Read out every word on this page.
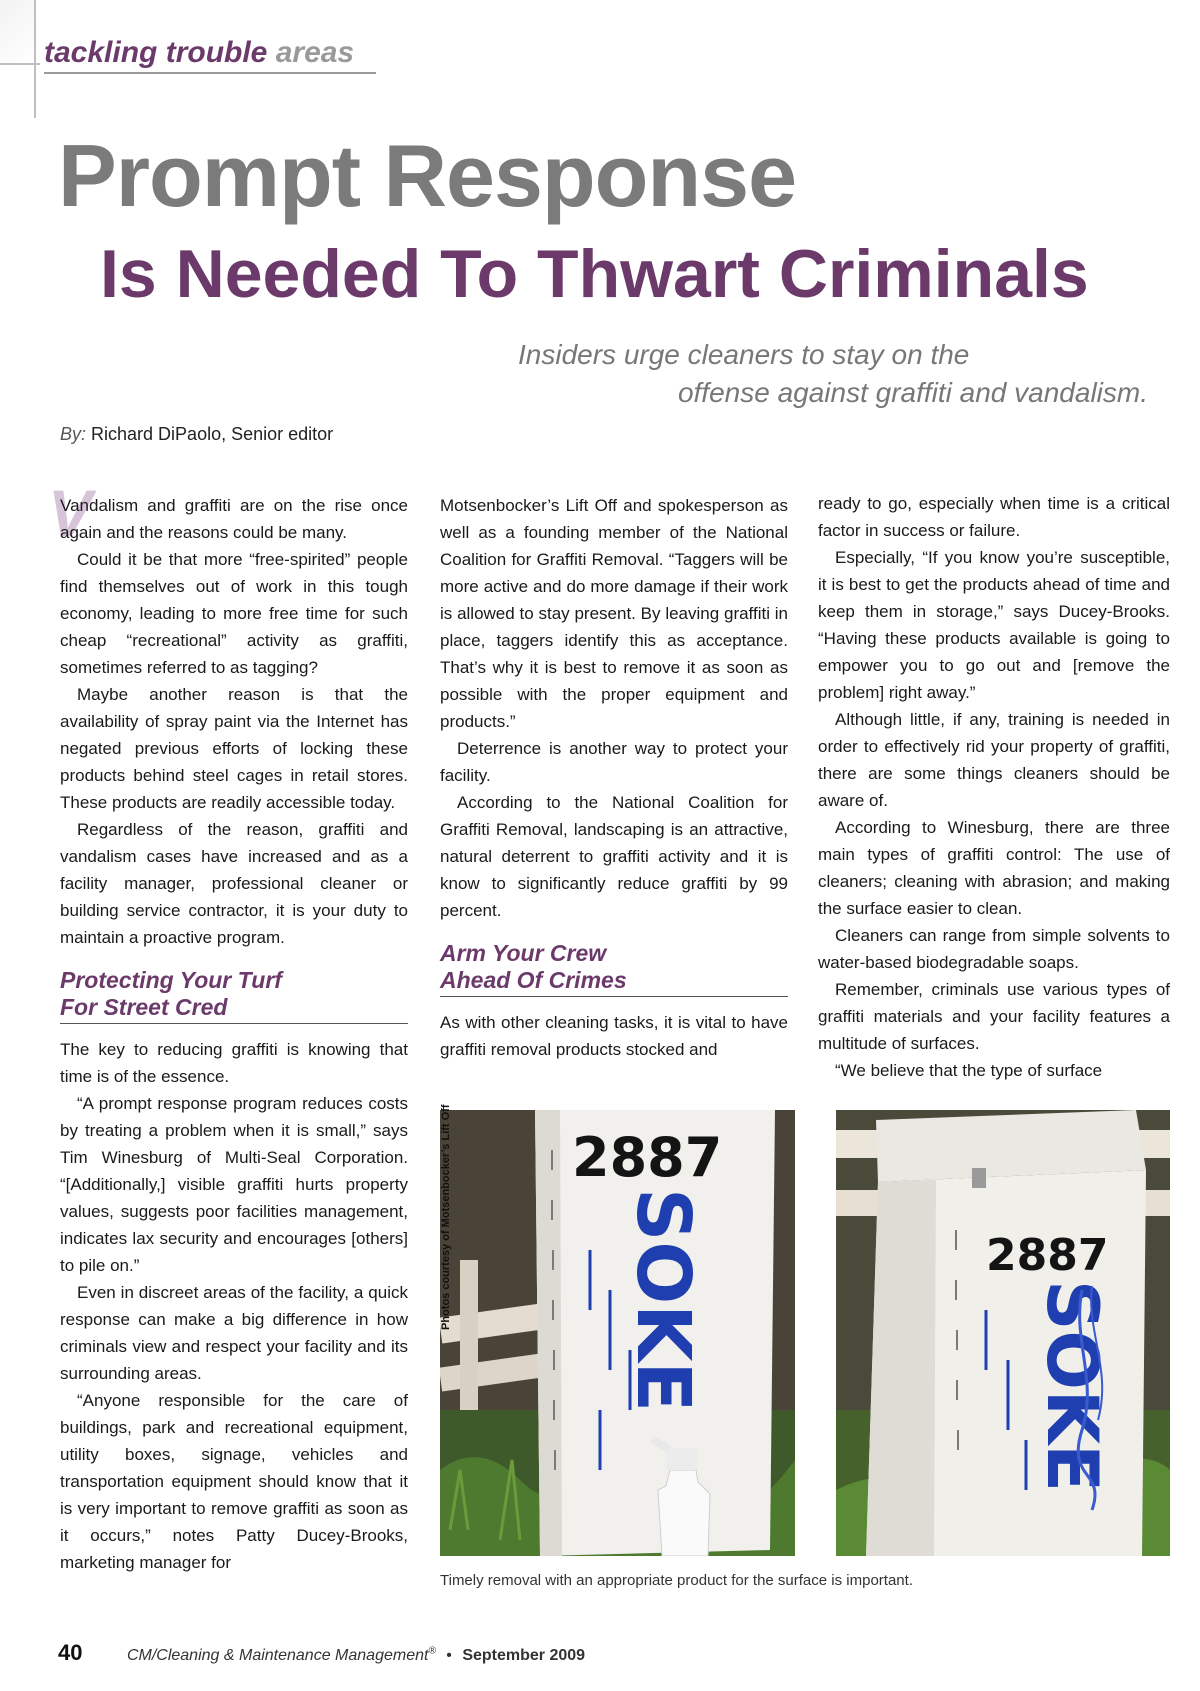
tackling trouble areas
Prompt Response
Is Needed To Thwart Criminals
Insiders urge cleaners to stay on the
offense against graffiti and vandalism.
By: Richard DiPaolo, Senior editor
V

Vandalism and graffiti are on the rise once again and the reasons could be many.

Could it be that more “free-spirited” people find themselves out of work in this tough economy, leading to more free time for such cheap “recreational” activity as graffiti, sometimes referred to as tagging?

Maybe another reason is that the availability of spray paint via the Internet has negated previous efforts of locking these products behind steel cages in retail stores. These products are readily accessible today.

Regardless of the reason, graffiti and vandalism cases have increased and as a facility manager, professional cleaner or building service contractor, it is your duty to maintain a proactive program.

Protecting Your Turf
For Street Cred

The key to reducing graffiti is knowing that time is of the essence.

“A prompt response program reduces costs by treating a problem when it is small,” says Tim Winesburg of Multi-Seal Corporation. “[Additionally,] visible graffiti hurts property values, suggests poor facilities management, indicates lax security and encourages [others] to pile on.”

Even in discreet areas of the facility, a quick response can make a big difference in how criminals view and respect your facility and its surrounding areas.

“Anyone responsible for the care of buildings, park and recreational equipment, utility boxes, signage, vehicles and transportation equipment should know that it is very important to remove graffiti as soon as it occurs,” notes Patty Ducey-Brooks, marketing manager for

Motsenbocker’s Lift Off and spokesperson as well as a founding member of the National Coalition for Graffiti Removal. “Taggers will be more active and do more damage if their work is allowed to stay present. By leaving graffiti in place, taggers identify this as acceptance. That’s why it is best to remove it as soon as possible with the proper equipment and products.”

Deterrence is another way to protect your facility.

According to the National Coalition for Graffiti Removal, landscaping is an attractive, natural deterrent to graffiti activity and it is know to significantly reduce graffiti by 99 percent.

Arm Your Crew
Ahead Of Crimes

As with other cleaning tasks, it is vital to have graffiti removal products stocked and

ready to go, especially when time is a critical factor in success or failure.

Especially, “If you know you’re susceptible, it is best to get the products ahead of time and keep them in storage,” says Ducey-Brooks. “Having these products available is going to empower you to go out and [remove the problem] right away.”

Although little, if any, training is needed in order to effectively rid your property of graffiti, there are some things cleaners should be aware of.

According to Winesburg, there are three main types of graffiti control: The use of cleaners; cleaning with abrasion; and making the surface easier to clean.

Cleaners can range from simple solvents to water-based biodegradable soaps.

Remember, criminals use various types of graffiti materials and your facility features a multitude of surfaces.

“We believe that the type of surface

2887
SOKE
Photos courtesy of Motsenbocker’s Lift Off	2887
SOKE
Timely removal with an appropriate product for the surface is important.
40	CM/Cleaning & Maintenance Management® • September 2009
